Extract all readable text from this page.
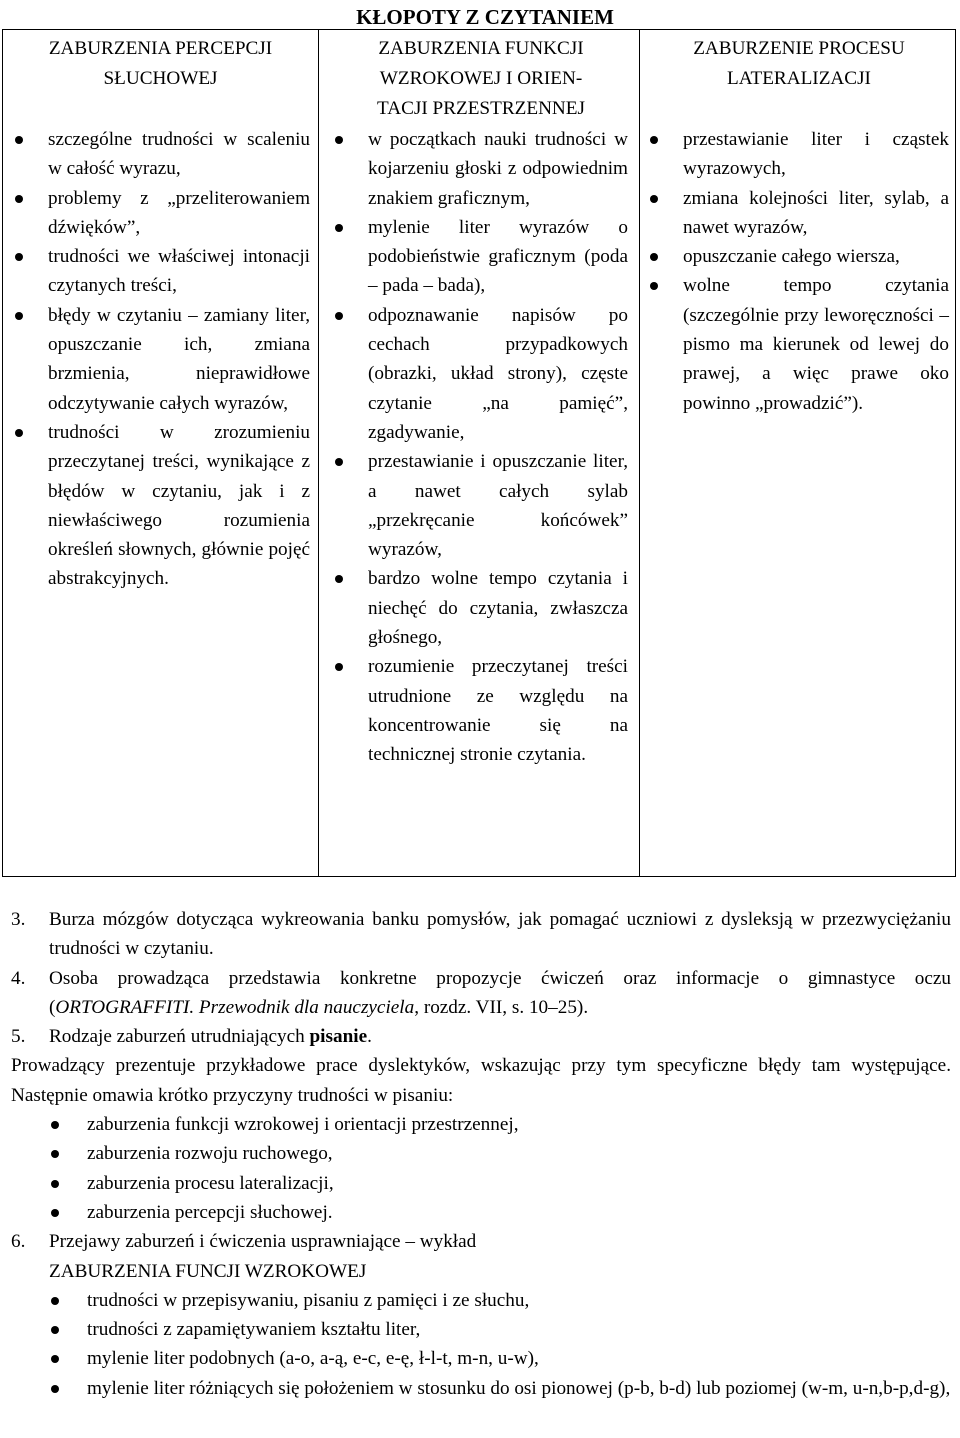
KŁOPOTY Z CZYTANIEM
ZABURZENIA PERCEPCJI
SŁUCHOWEJ
szczególne trudności w scaleniu w całość wyrazu,
problemy z „przeliterowaniem dźwięków”,
trudności we właściwej intonacji czytanych treści,
błędy w czytaniu – zamiany liter, opuszczanie ich, zmiana brzmienia, nieprawidłowe odczytywanie całych wyrazów,
trudności w zrozumieniu przeczytanej treści, wynikające z błędów w czytaniu, jak i z niewłaściwego rozumienia określeń słownych, głównie pojęć abstrakcyjnych.
ZABURZENIA FUNKCJI
WZROKOWEJ I ORIEN-
TACJI PRZESTRZENNEJ
w początkach nauki trudności w kojarzeniu głoski z odpowiednim znakiem graficznym,
mylenie liter wyrazów o podobieństwie graficznym (poda – pada – bada),
odpoznawanie napisów po cechach przypadkowych (obrazki, układ strony), częste czytanie „na pamięć”, zgadywanie,
przestawianie i opuszczanie liter, a nawet całych sylab „przekręcanie końcówek” wyrazów,
bardzo wolne tempo czytania i niechęć do czytania, zwłaszcza głośnego,
rozumienie przeczytanej treści utrudnione ze względu na koncentrowanie się na technicznej stronie czytania.
ZABURZENIE PROCESU
LATERALIZACJI
przestawianie liter i cząstek wyrazowych,
zmiana kolejności liter, sylab, a nawet wyrazów,
opuszczanie całego wiersza,
wolne tempo czytania (szczególnie przy leworęczności – pismo ma kierunek od lewej do prawej, a więc prawe oko powinno „prowadzić”).
3. Burza mózgów dotycząca wykreowania banku pomysłów, jak pomagać uczniowi z dysleksją w przezwyciężaniu trudności w czytaniu.
4. Osoba prowadząca przedstawia konkretne propozycje ćwiczeń oraz informacje o gimnastyce oczu (ORTOGRAFFITI. Przewodnik dla nauczyciela, rozdz. VII, s. 10–25).
5. Rodzaje zaburzeń utrudniających pisanie.
Prowadzący prezentuje przykładowe prace dyslektyków, wskazując przy tym specyficzne błędy tam występujące. Następnie omawia krótko przyczyny trudności w pisaniu:
zaburzenia funkcji wzrokowej i orientacji przestrzennej,
zaburzenia rozwoju ruchowego,
zaburzenia procesu lateralizacji,
zaburzenia percepcji słuchowej.
6. Przejawy zaburzeń i ćwiczenia usprawniające – wykład
ZABURZENIA FUNCJI WZROKOWEJ
trudności w przepisywaniu, pisaniu z pamięci i ze słuchu,
trudności z zapamiętywaniem kształtu liter,
mylenie liter podobnych (a-o, a-ą, e-c, e-ę, ł-l-t, m-n, u-w),
mylenie liter różniących się położeniem w stosunku do osi pionowej (p-b, b-d) lub poziomej (w-m, u-n,b-p,d-g),
